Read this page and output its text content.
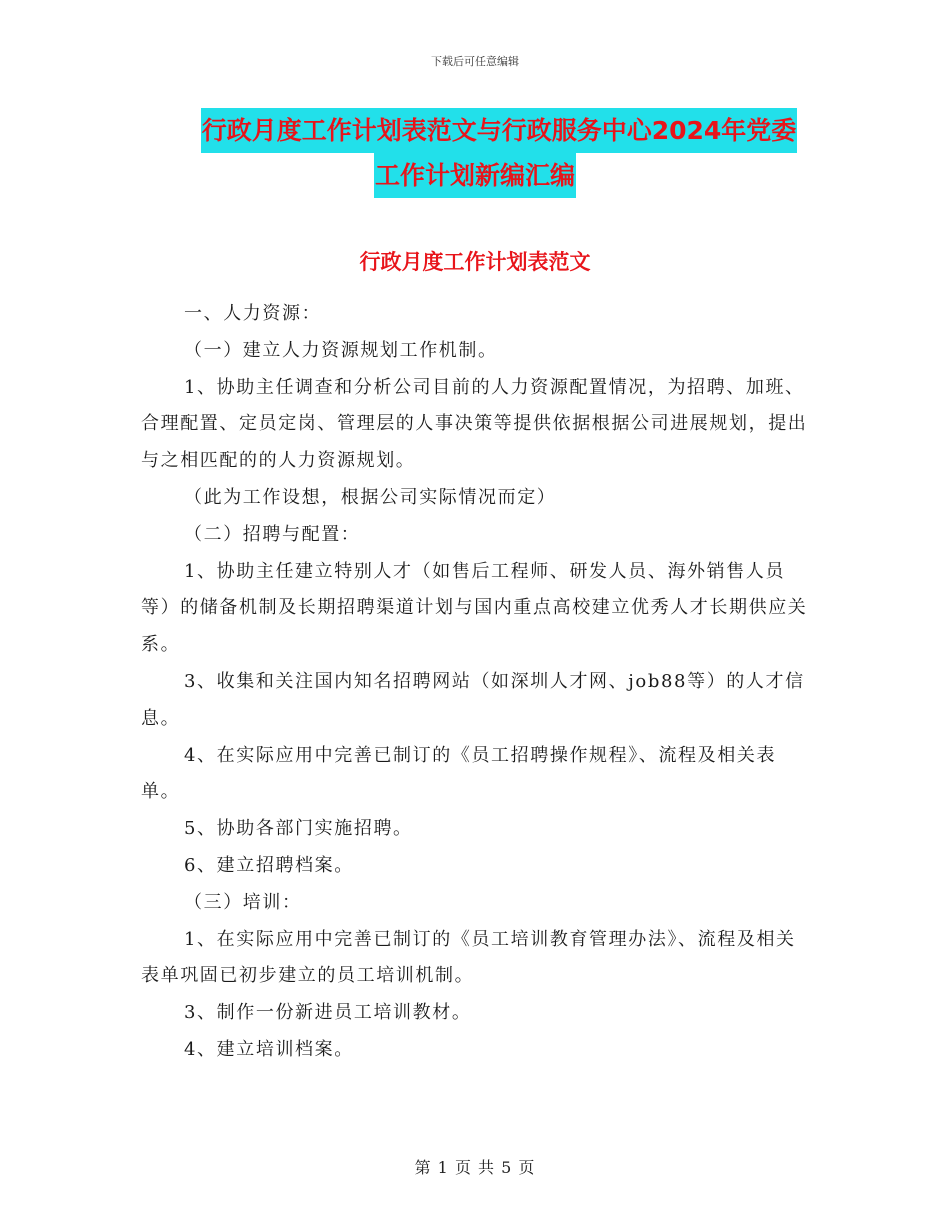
下载后可任意编辑
行政月度工作计划表范文与行政服务中心2024年党委
工作计划新编汇编
行政月度工作计划表范文

一、人力资源：

（一）建立人力资源规划工作机制。

1、协助主任调查和分析公司目前的人力资源配置情况，为招聘、加班、合理配置、定员定岗、管理层的人事决策等提供依据根据公司进展规划，提出与之相匹配的的人力资源规划。

（此为工作设想，根据公司实际情况而定）

（二）招聘与配置：

1、协助主任建立特别人才（如售后工程师、研发人员、海外销售人员等）的储备机制及长期招聘渠道计划与国内重点高校建立优秀人才长期供应关系。

3、收集和关注国内知名招聘网站（如深圳人才网、job88等）的人才信息。

4、在实际应用中完善已制订的《员工招聘操作规程》、流程及相关表单。

5、协助各部门实施招聘。

6、建立招聘档案。

（三）培训：

1、在实际应用中完善已制订的《员工培训教育管理办法》、流程及相关表单巩固已初步建立的员工培训机制。

3、制作一份新进员工培训教材。

4、建立培训档案。

第 1 页 共 5 页
